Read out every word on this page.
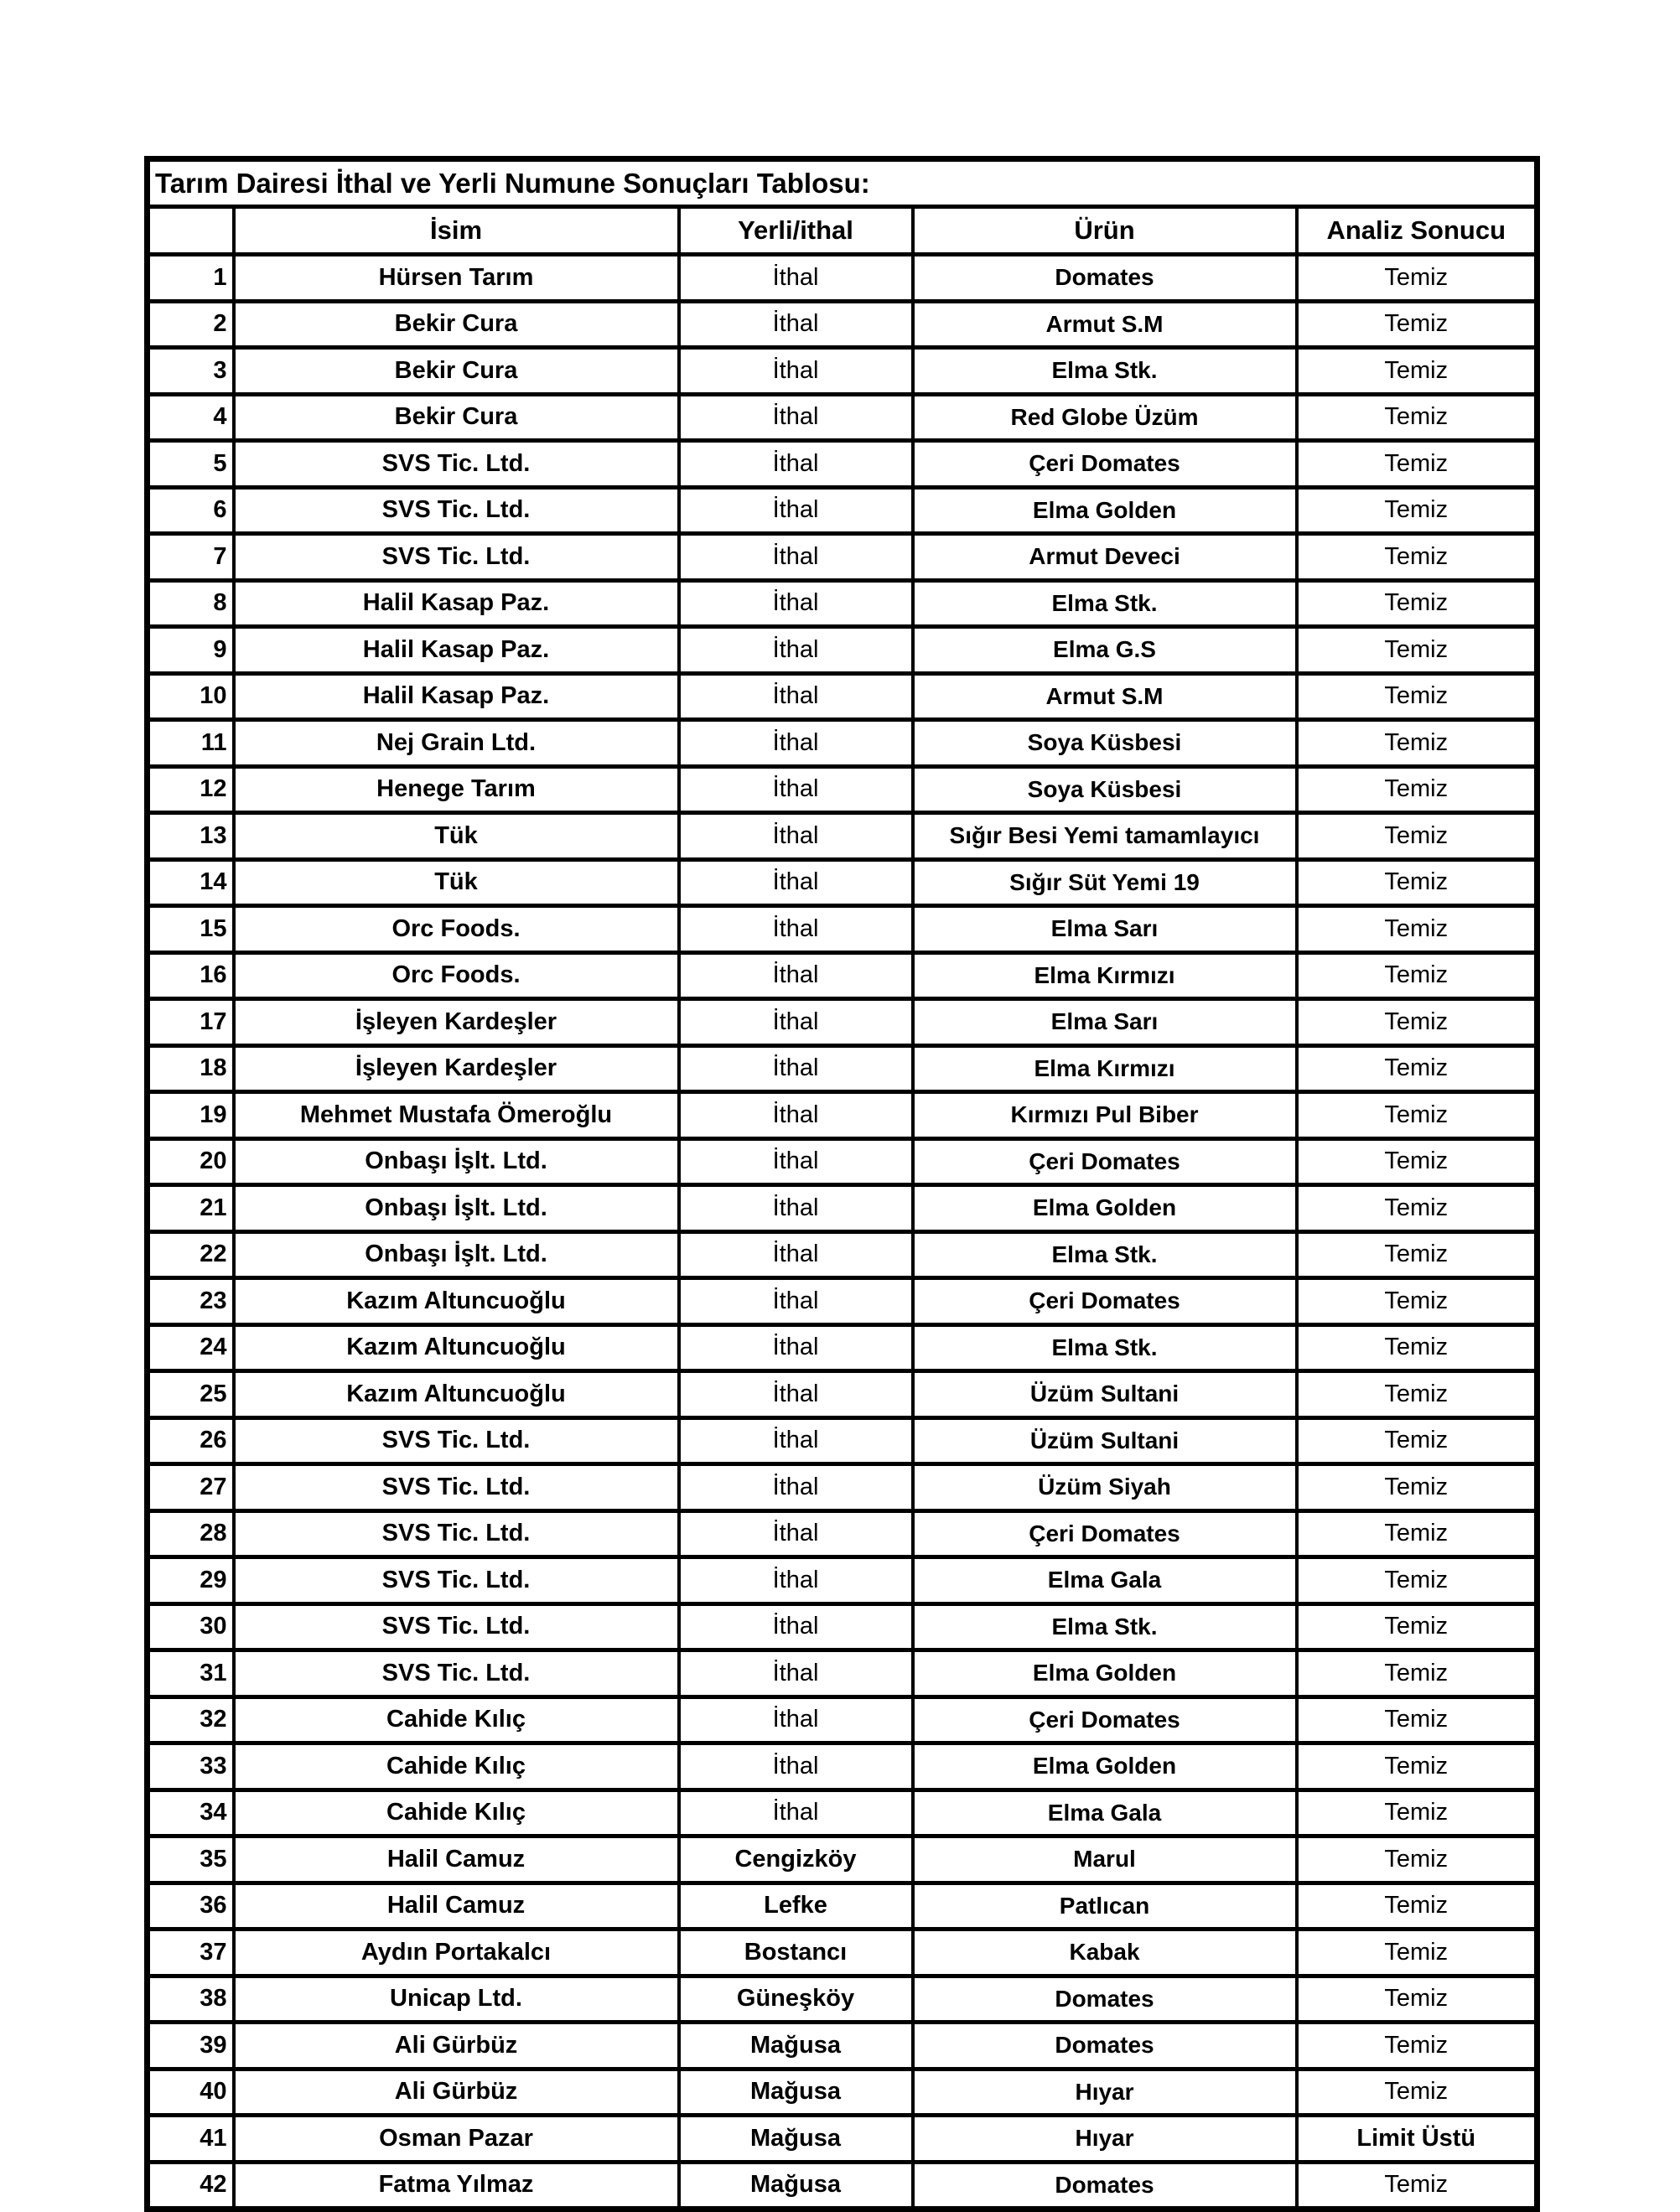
Tarım Dairesi İthal ve Yerli Numune Sonuçları Tablosu:				
	İsim	Yerli/ithal	Ürün	Analiz Sonucu
1	Hürsen Tarım	İthal	Domates	Temiz
2	Bekir Cura	İthal	Armut S.M	Temiz
3	Bekir Cura	İthal	Elma Stk.	Temiz
4	Bekir Cura	İthal	Red Globe Üzüm	Temiz
5	SVS Tic. Ltd.	İthal	Çeri Domates	Temiz
6	SVS Tic. Ltd.	İthal	Elma Golden	Temiz
7	SVS Tic. Ltd.	İthal	Armut Deveci	Temiz
8	Halil Kasap Paz.	İthal	Elma Stk.	Temiz
9	Halil Kasap Paz.	İthal	Elma G.S	Temiz
10	Halil Kasap Paz.	İthal	Armut S.M	Temiz
11	Nej Grain Ltd.	İthal	Soya Küsbesi	Temiz
12	Henege Tarım	İthal	Soya Küsbesi	Temiz
13	Tük	İthal	Sığır Besi Yemi tamamlayıcı	Temiz
14	Tük	İthal	Sığır Süt Yemi 19	Temiz
15	Orc Foods.	İthal	Elma Sarı	Temiz
16	Orc Foods.	İthal	Elma Kırmızı	Temiz
17	İşleyen Kardeşler	İthal	Elma Sarı	Temiz
18	İşleyen Kardeşler	İthal	Elma Kırmızı	Temiz
19	Mehmet Mustafa Ömeroğlu	İthal	Kırmızı Pul Biber	Temiz
20	Onbaşı İşlt. Ltd.	İthal	Çeri Domates	Temiz
21	Onbaşı İşlt. Ltd.	İthal	Elma Golden	Temiz
22	Onbaşı İşlt. Ltd.	İthal	Elma Stk.	Temiz
23	Kazım Altuncuoğlu	İthal	Çeri Domates	Temiz
24	Kazım Altuncuoğlu	İthal	Elma Stk.	Temiz
25	Kazım Altuncuoğlu	İthal	Üzüm Sultani	Temiz
26	SVS Tic. Ltd.	İthal	Üzüm Sultani	Temiz
27	SVS Tic. Ltd.	İthal	Üzüm Siyah	Temiz
28	SVS Tic. Ltd.	İthal	Çeri Domates	Temiz
29	SVS Tic. Ltd.	İthal	Elma Gala	Temiz
30	SVS Tic. Ltd.	İthal	Elma Stk.	Temiz
31	SVS Tic. Ltd.	İthal	Elma Golden	Temiz
32	Cahide Kılıç	İthal	Çeri Domates	Temiz
33	Cahide Kılıç	İthal	Elma Golden	Temiz
34	Cahide Kılıç	İthal	Elma Gala	Temiz
35	Halil Camuz	Cengizköy	Marul	Temiz
36	Halil Camuz	Lefke	Patlıcan	Temiz
37	Aydın Portakalcı	Bostancı	Kabak	Temiz
38	Unicap Ltd.	Güneşköy	Domates	Temiz
39	Ali Gürbüz	Mağusa	Domates	Temiz
40	Ali Gürbüz	Mağusa	Hıyar	Temiz
41	Osman Pazar	Mağusa	Hıyar	Limit Üstü
42	Fatma Yılmaz	Mağusa	Domates	Temiz
